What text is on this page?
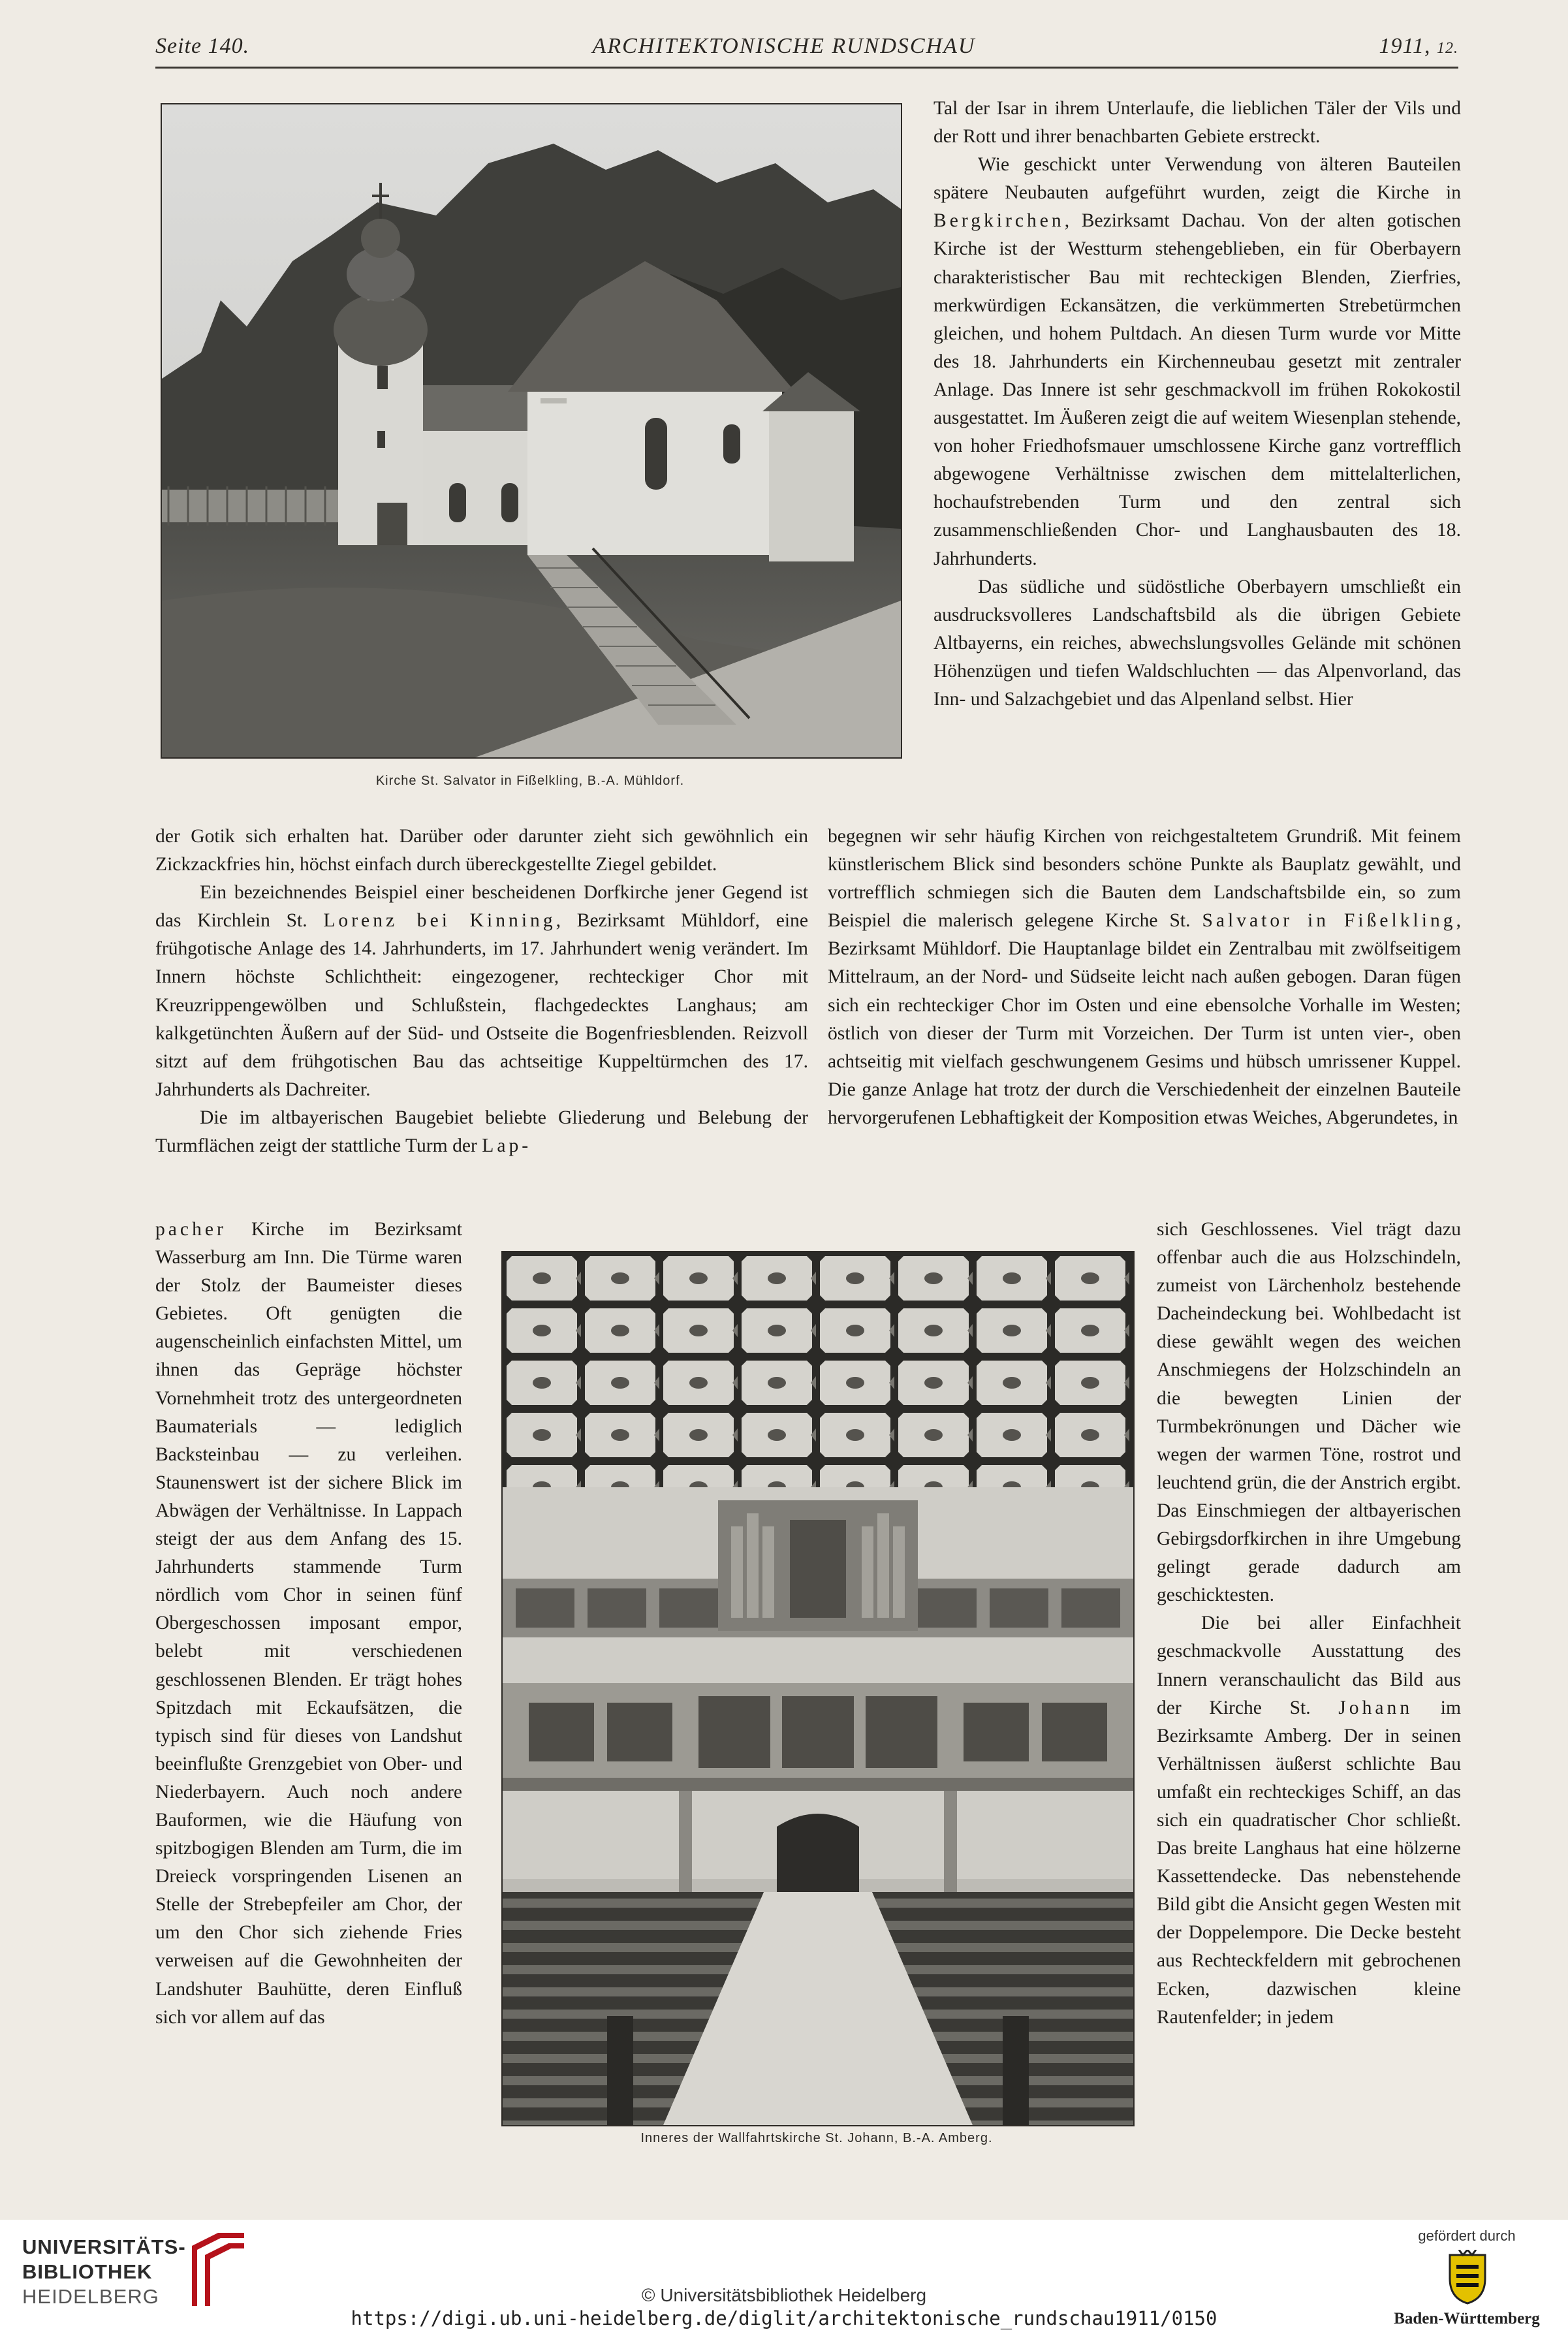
Seite 140.	ARCHITEKTONISCHE RUNDSCHAU	1911, 12.
Kirche St. Salvator in Fißelkling, B.-A. Mühldorf.

Tal der Isar in ihrem Unterlaufe, die lieblichen Täler der Vils und der Rott und ihrer benachbarten Gebiete erstreckt.

Wie geschickt unter Verwendung von älteren Bauteilen spätere Neubauten aufgeführt wurden, zeigt die Kirche in Bergkirchen, Bezirksamt Dachau. Von der alten gotischen Kirche ist der Westturm stehengeblieben, ein für Oberbayern charakteristischer Bau mit rechteckigen Blenden, Zierfries, merkwürdigen Eckansätzen, die verkümmerten Strebetürmchen gleichen, und hohem Pultdach. An diesen Turm wurde vor Mitte des 18. Jahrhunderts ein Kirchenneubau gesetzt mit zentraler Anlage. Das Innere ist sehr geschmackvoll im frühen Rokokostil ausgestattet. Im Äußeren zeigt die auf weitem Wiesenplan stehende, von hoher Friedhofsmauer umschlossene Kirche ganz vortrefflich abgewogene Verhältnisse zwischen dem mittelalterlichen, hochaufstrebenden Turm und den zentral sich zusammenschließenden Chor- und Langhausbauten des 18. Jahrhunderts.

Das südliche und südöstliche Oberbayern umschließt ein ausdrucksvolleres Landschaftsbild als die übrigen Gebiete Altbayerns, ein reiches, abwechslungsvolles Gelände mit schönen Höhenzügen und tiefen Waldschluchten — das Alpenvorland, das Inn- und Salzachgebiet und das Alpenland selbst. Hier

der Gotik sich erhalten hat. Darüber oder darunter zieht sich gewöhnlich ein Zickzackfries hin, höchst einfach durch übereckgestellte Ziegel gebildet.

Ein bezeichnendes Beispiel einer bescheidenen Dorfkirche jener Gegend ist das Kirchlein St. Lorenz bei Kinning, Bezirksamt Mühldorf, eine frühgotische Anlage des 14. Jahrhunderts, im 17. Jahrhundert wenig verändert. Im Innern höchste Schlichtheit: eingezogener, rechteckiger Chor mit Kreuzrippengewölben und Schlußstein, flachgedecktes Langhaus; am kalkgetünchten Äußern auf der Süd- und Ostseite die Bogenfriesblenden. Reizvoll sitzt auf dem frühgotischen Bau das achtseitige Kuppeltürmchen des 17. Jahrhunderts als Dachreiter.

Die im altbayerischen Baugebiet beliebte Gliederung und Belebung der Turmflächen zeigt der stattliche Turm der Lap-

begegnen wir sehr häufig Kirchen von reichgestaltetem Grundriß. Mit feinem künstlerischem Blick sind besonders schöne Punkte als Bauplatz gewählt, und vortrefflich schmiegen sich die Bauten dem Landschaftsbilde ein, so zum Beispiel die malerisch gelegene Kirche St. Salvator in Fißelkling, Bezirksamt Mühldorf. Die Hauptanlage bildet ein Zentralbau mit zwölfseitigem Mittelraum, an der Nord- und Südseite leicht nach außen gebogen. Daran fügen sich ein rechteckiger Chor im Osten und eine ebensolche Vorhalle im Westen; östlich von dieser der Turm mit Vorzeichen. Der Turm ist unten vier-, oben achtseitig mit vielfach geschwungenem Gesims und hübsch umrissener Kuppel. Die ganze Anlage hat trotz der durch die Verschiedenheit der einzelnen Bauteile hervorgerufenen Lebhaftigkeit der Komposition etwas Weiches, Abgerundetes, in

Inneres der Wallfahrtskirche St. Johann, B.-A. Amberg.

pacher Kirche im Bezirksamt Wasserburg am Inn. Die Türme waren der Stolz der Baumeister dieses Gebietes. Oft genügten die augenscheinlich einfachsten Mittel, um ihnen das Gepräge höchster Vornehmheit trotz des untergeordneten Baumaterials — lediglich Backsteinbau — zu verleihen. Staunenswert ist der sichere Blick im Abwägen der Verhältnisse. In Lappach steigt der aus dem Anfang des 15. Jahrhunderts stammende Turm nördlich vom Chor in seinen fünf Obergeschossen imposant empor, belebt mit verschiedenen geschlossenen Blenden. Er trägt hohes Spitzdach mit Eckaufsätzen, die typisch sind für dieses von Landshut beeinflußte Grenzgebiet von Ober- und Niederbayern. Auch noch andere Bauformen, wie die Häufung von spitzbogigen Blenden am Turm, die im Dreieck vorspringenden Lisenen an Stelle der Strebepfeiler am Chor, der um den Chor sich ziehende Fries verweisen auf die Gewohnheiten der Landshuter Bauhütte, deren Einfluß sich vor allem auf das

sich Geschlossenes. Viel trägt dazu offenbar auch die aus Holzschindeln, zumeist von Lärchenholz bestehende Dacheindeckung bei. Wohlbedacht ist diese gewählt wegen des weichen Anschmiegens der Holzschindeln an die bewegten Linien der Turmbekrönungen und Dächer wie wegen der warmen Töne, rostrot und leuchtend grün, die der Anstrich ergibt. Das Einschmiegen der altbayerischen Gebirgsdorfkirchen in ihre Umgebung gelingt gerade dadurch am geschicktesten.

Die bei aller Einfachheit geschmackvolle Ausstattung des Innern veranschaulicht das Bild aus der Kirche St. Johann im Bezirksamte Amberg. Der in seinen Verhältnissen äußerst schlichte Bau umfaßt ein rechteckiges Schiff, an das sich ein quadratischer Chor schließt. Das breite Langhaus hat eine hölzerne Kassettendecke. Das nebenstehende Bild gibt die Ansicht gegen Westen mit der Doppelempore. Die Decke besteht aus Rechteckfeldern mit gebrochenen Ecken, dazwischen kleine Rautenfelder; in jedem

UNIVERSITÄTS-
BIBLIOTHEK
HEIDELBERG	© Universitätsbibliothek Heidelberg
https://digi.ub.uni-heidelberg.de/diglit/architektonische_rundschau1911/0150
gefördert durch
Baden-Württemberg
